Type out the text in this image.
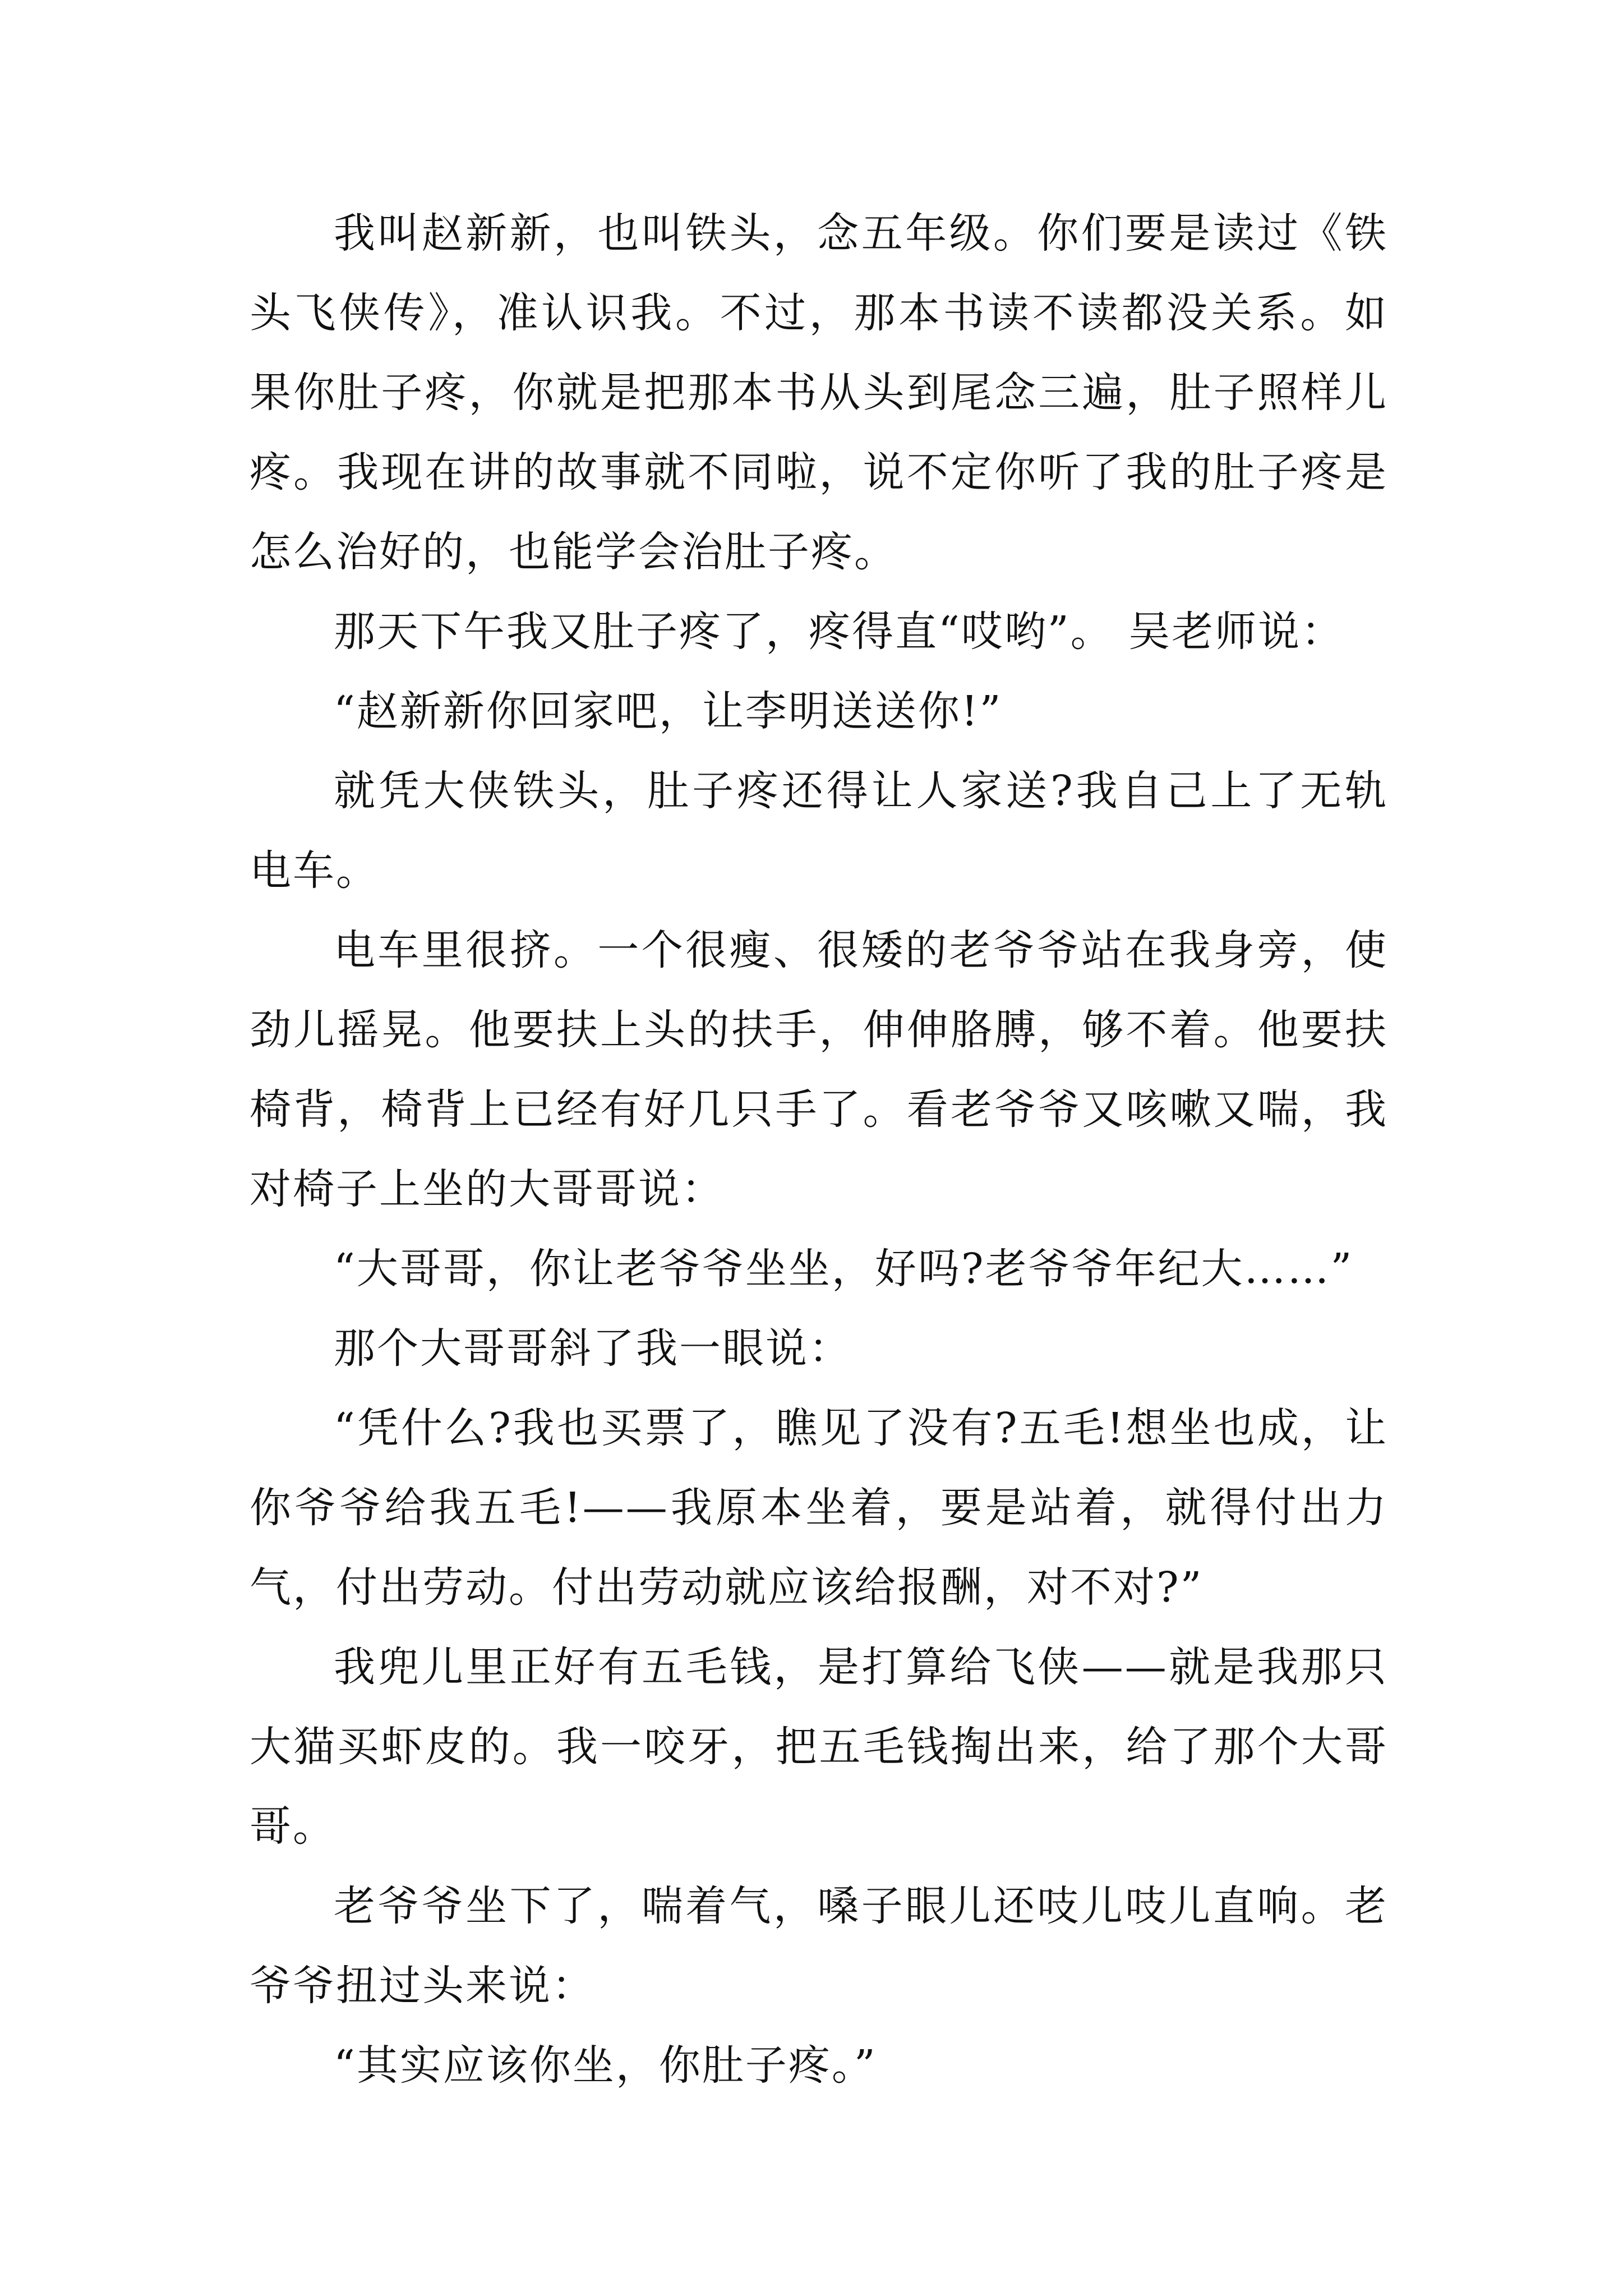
我叫赵新新，也叫铁头，念五年级。你们要是读过《铁头飞侠传》，准认识我。不过，那本书读不读都没关系。如果你肚子疼，你就是把那本书从头到尾念三遍，肚子照样儿疼。我现在讲的故事就不同啦，说不定你听了我的肚子疼是怎么治好的，也能学会治肚子疼。

那天下午我又肚子疼了，疼得直“哎哟”。 吴老师说：

“赵新新你回家吧，让李明送送你!”

就凭大侠铁头，肚子疼还得让人家送?我自己上了无轨电车。

电车里很挤。一个很瘦、很矮的老爷爷站在我身旁，使劲儿摇晃。他要扶上头的扶手，伸伸胳膊，够不着。他要扶椅背，椅背上已经有好几只手了。看老爷爷又咳嗽又喘，我对椅子上坐的大哥哥说：

“大哥哥，你让老爷爷坐坐，好吗?老爷爷年纪大……”

那个大哥哥斜了我一眼说：

“凭什么?我也买票了，瞧见了没有?五毛!想坐也成，让你爷爷给我五毛!——我原本坐着，要是站着，就得付出力气，付出劳动。付出劳动就应该给报酬，对不对?”

我兜儿里正好有五毛钱，是打算给飞侠——就是我那只大猫买虾皮的。我一咬牙，把五毛钱掏出来，给了那个大哥哥。

老爷爷坐下了，喘着气，嗓子眼儿还吱儿吱儿直响。老爷爷扭过头来说：

“其实应该你坐，你肚子疼。”
